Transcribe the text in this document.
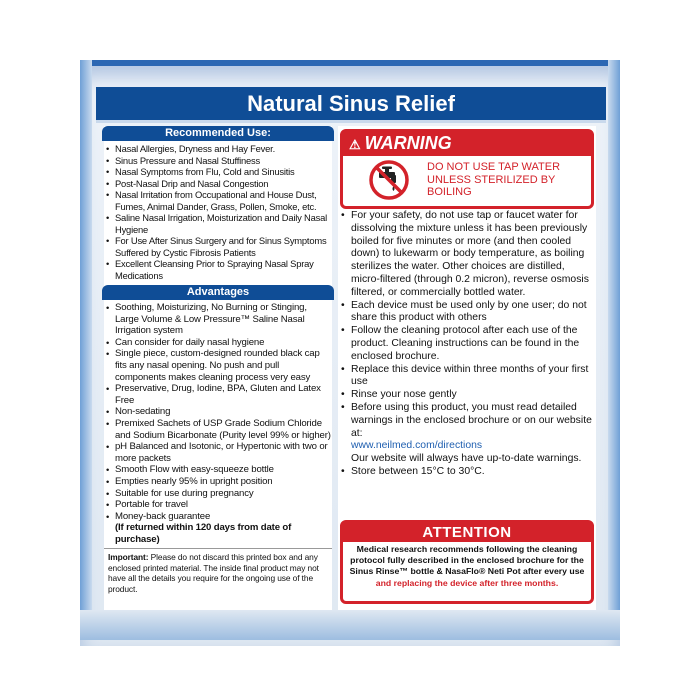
Natural Sinus Relief
Recommended Use:
• Nasal Allergies, Dryness and Hay Fever.
• Sinus Pressure and Nasal Stuffiness
• Nasal Symptoms from Flu, Cold and Sinusitis
• Post-Nasal Drip and Nasal Congestion
• Nasal Irritation from Occupational and House Dust, Fumes, Animal Dander, Grass, Pollen, Smoke, etc.
• Saline Nasal Irrigation, Moisturization and Daily Nasal Hygiene
• For Use After Sinus Surgery and for Sinus Symptoms Suffered by Cystic Fibrosis Patients
• Excellent Cleansing Prior to Spraying Nasal Spray Medications
Advantages
• Soothing, Moisturizing, No Burning or Stinging, Large Volume & Low Pressure™ Saline Nasal Irrigation system
• Can consider for daily nasal hygiene
• Single piece, custom-designed rounded black cap fits any nasal opening. No push and pull components makes cleaning process very easy
• Preservative, Drug, Iodine, BPA, Gluten and Latex Free
• Non-sedating
• Premixed Sachets of USP Grade Sodium Chloride and Sodium Bicarbonate (Purity level 99% or higher)
• pH Balanced and Isotonic, or Hypertonic with two or more packets
• Smooth Flow with easy-squeeze bottle
• Empties nearly 95% in upright position
• Suitable for use during pregnancy
• Portable for travel
• Money-back guarantee
(If returned within 120 days from date of purchase)
Important: Please do not discard this printed box and any enclosed printed material. The inside final product may not have all the details you require for the ongoing use of the product.
⚠ WARNING
DO NOT USE TAP WATER UNLESS STERILIZED BY BOILING
• For your safety, do not use tap or faucet water for dissolving the mixture unless it has been previously boiled for five minutes or more (and then cooled down) to lukewarm or body temperature, as boiling sterilizes the water. Other choices are distilled, micro-filtered (through 0.2 micron), reverse osmosis filtered, or commercially bottled water.
• Each device must be used only by one user; do not share this product with others
• Follow the cleaning protocol after each use of the product. Cleaning instructions can be found in the enclosed brochure.
• Replace this device within three months of your first use
• Rinse your nose gently
• Before using this product, you must read detailed warnings in the enclosed brochure or on our website at:
www.neilmed.com/directions
Our website will always have up-to-date warnings.
• Store between 15°C to 30°C.
ATTENTION
Medical research recommends following the cleaning protocol fully described in the enclosed brochure for the Sinus Rinse™ bottle & NasaFlo® Neti Pot after every use and replacing the device after three months.
